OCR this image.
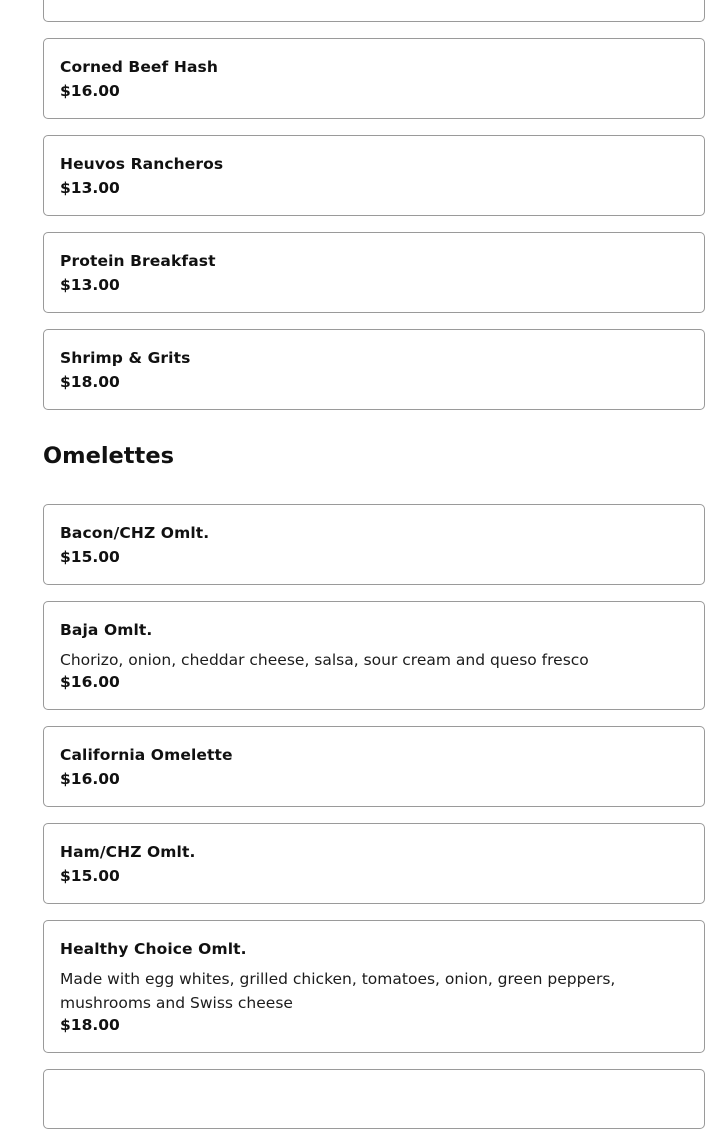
Corned Beef Hash
$16.00
Heuvos Rancheros
$13.00
Protein Breakfast
$13.00
Shrimp & Grits
$18.00
Omelettes
Bacon/CHZ Omlt.
$15.00
Baja Omlt.
Chorizo, onion, cheddar cheese, salsa, sour cream and queso fresco
$16.00
California Omelette
$16.00
Ham/CHZ Omlt.
$15.00
Healthy Choice Omlt.
Made with egg whites, grilled chicken, tomatoes, onion, green peppers, mushrooms and Swiss cheese
$18.00
